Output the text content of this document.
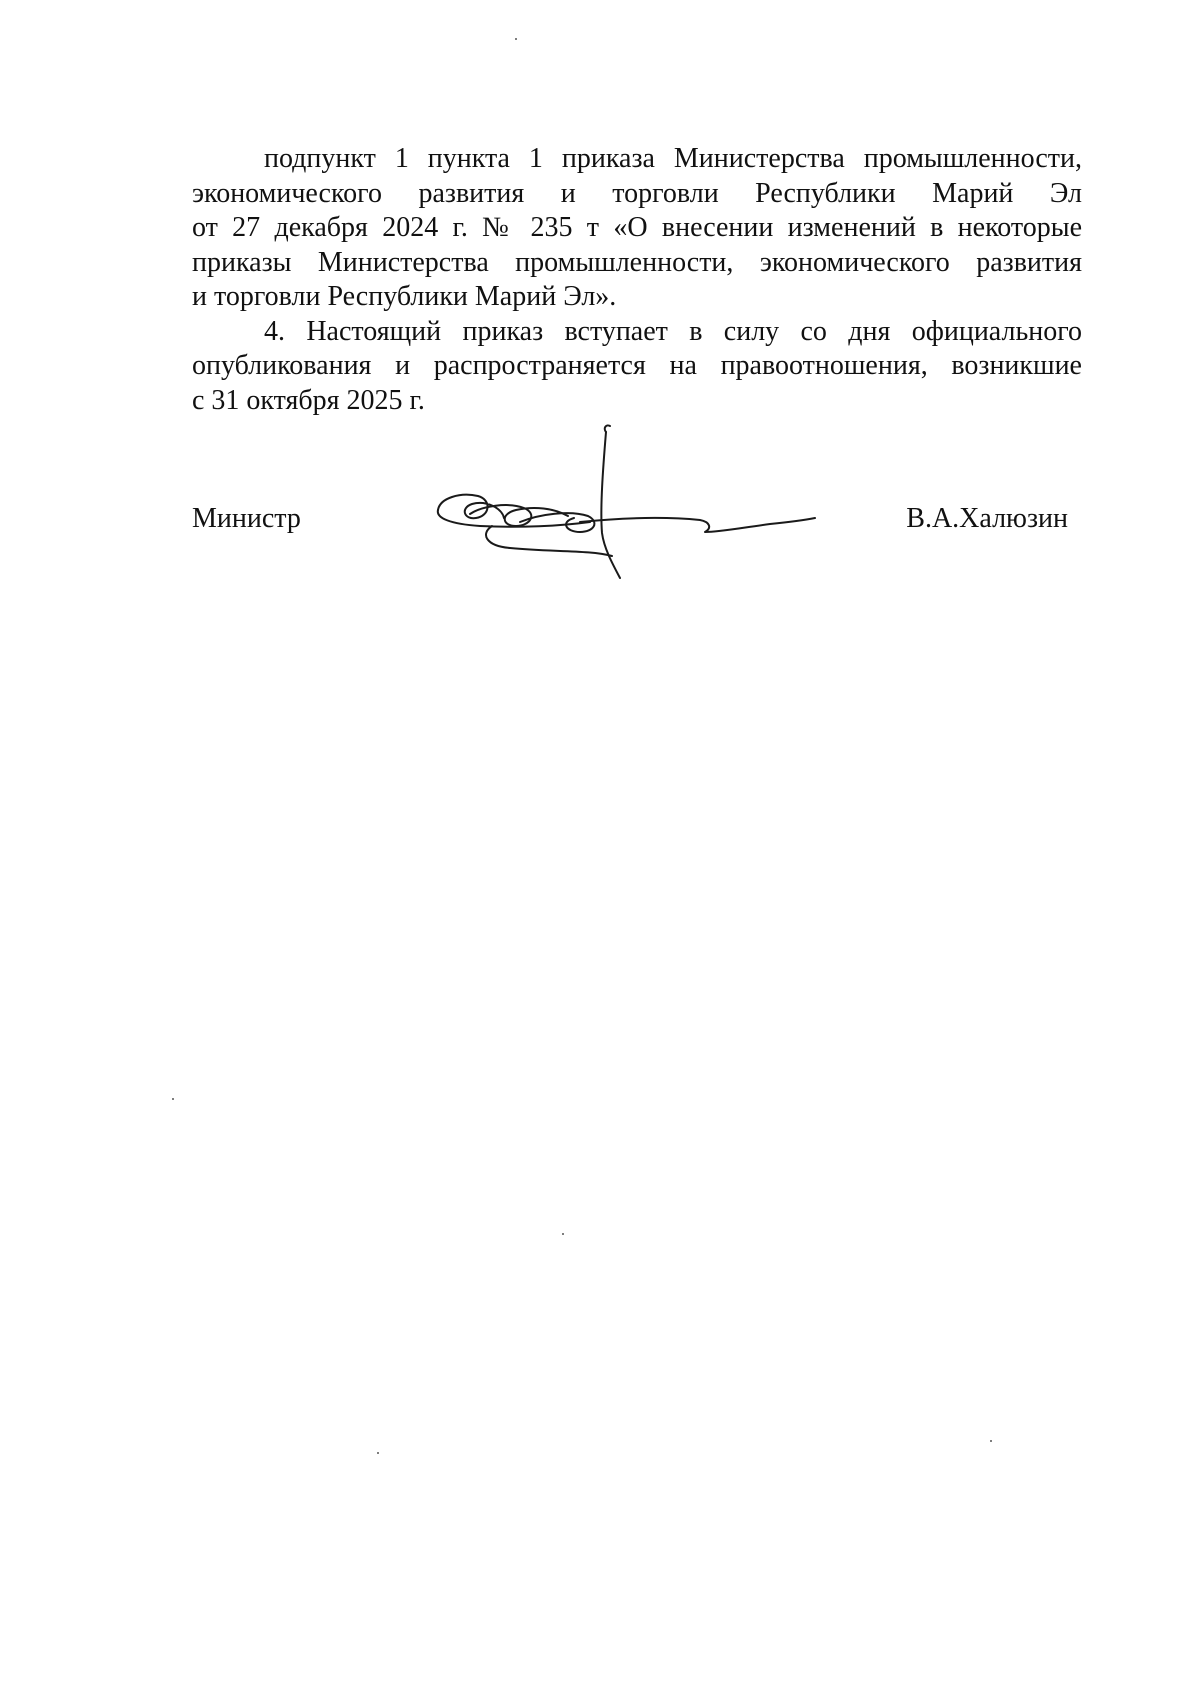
подпункт 1 пункта 1 приказа Министерства промышленности,
экономического развития и торговли Республики Марий Эл
от 27 декабря 2024 г. № 235 т «О внесении изменений в некоторые
приказы Министерства промышленности, экономического развития
и торговли Республики Марий Эл».
4. Настоящий приказ вступает в силу со дня официального
опубликования и распространяется на правоотношения, возникшие
с 31 октября 2025 г.
Министр	В.А.Халюзин
